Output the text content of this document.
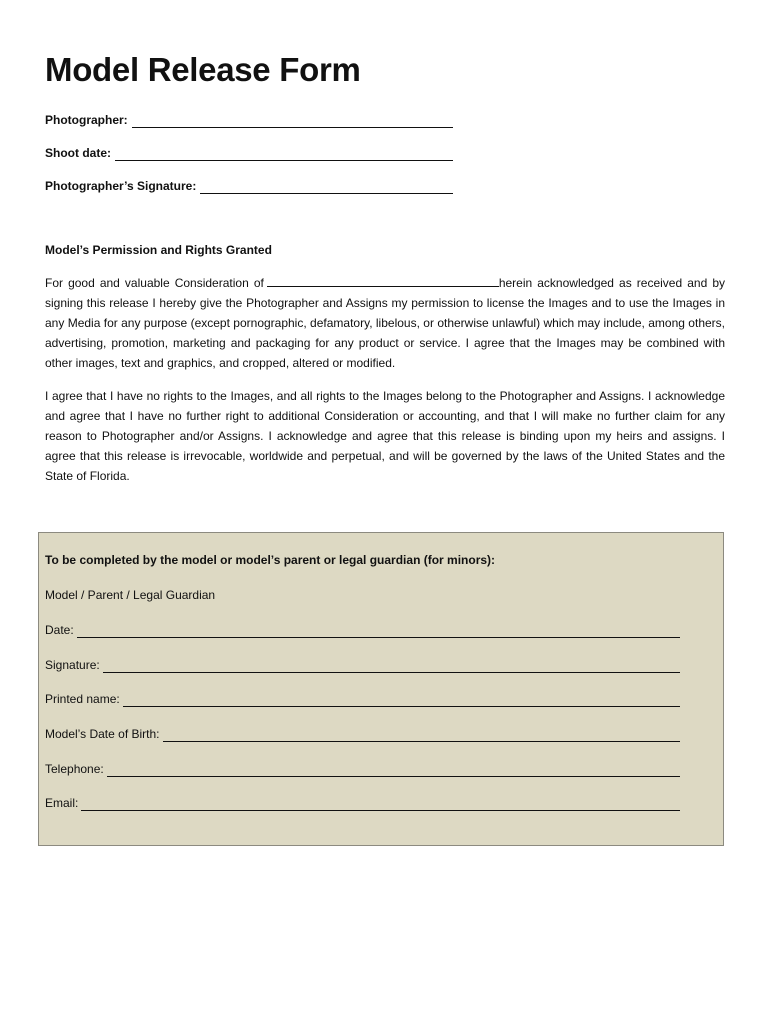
Model Release Form
Photographer:
Shoot date:
Photographer’s Signature:
Model’s Permission and Rights Granted

For good and valuable Consideration of	herein acknowledged as received and by signing this release I hereby give the Photographer and Assigns my permission to license the Images and to use the Images in any Media for any purpose (except pornographic, defamatory, libelous, or otherwise unlawful) which may include, among others, advertising, promotion, marketing and packaging for any product or service. I agree that the Images may be combined with other images, text and graphics, and cropped, altered or modified.

I agree that I have no rights to the Images, and all rights to the Images belong to the Photographer and Assigns. I acknowledge and agree that I have no further right to additional Consideration or accounting, and that I will make no further claim for any reason to Photographer and/or Assigns. I acknowledge and agree that this release is binding upon my heirs and assigns. I agree that this release is irrevocable, worldwide and perpetual, and will be governed by the laws of the United States and the State of Florida.

To be completed by the model or model’s parent or legal guardian (for minors):
Model / Parent / Legal Guardian
Date:
Signature:
Printed name:
Model’s Date of Birth:
Telephone:
Email:
